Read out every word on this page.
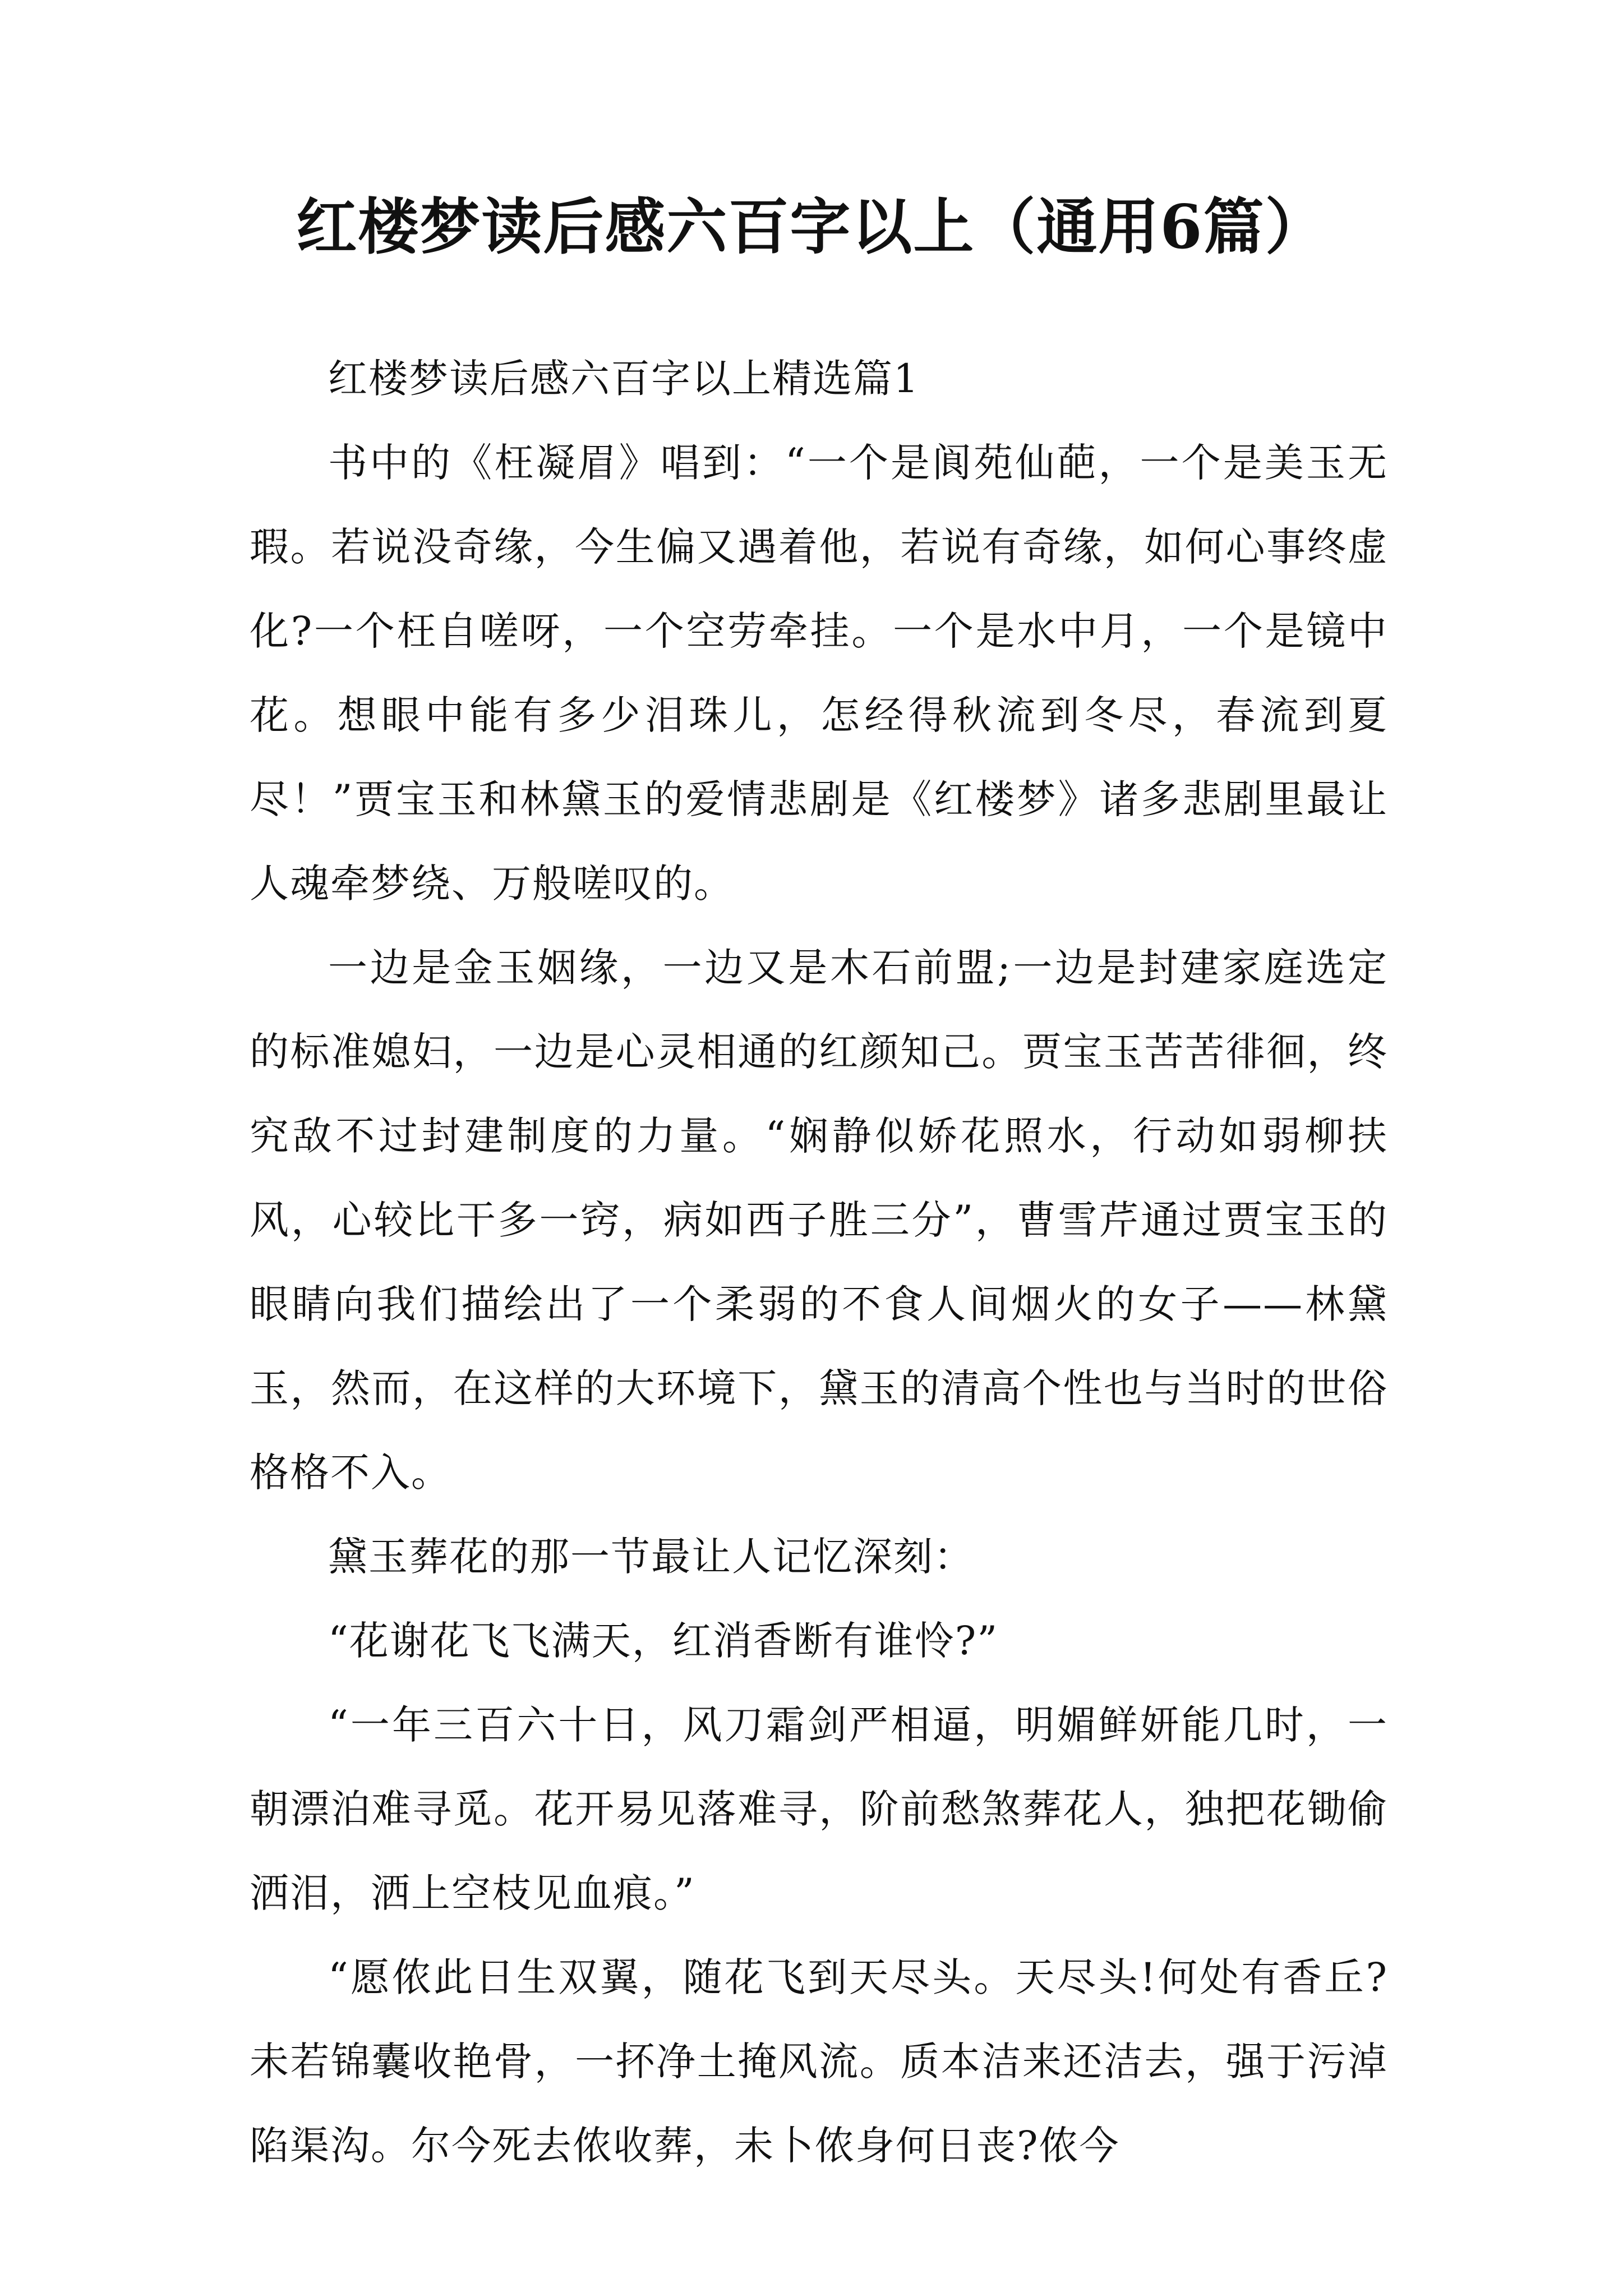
红楼梦读后感六百字以上（通用6篇）

红楼梦读后感六百字以上精选篇1

书中的《枉凝眉》唱到：“一个是阆苑仙葩，一个是美玉无瑕。若说没奇缘，今生偏又遇着他，若说有奇缘，如何心事终虚化?一个枉自嗟呀，一个空劳牵挂。一个是水中月，一个是镜中花。想眼中能有多少泪珠儿，怎经得秋流到冬尽，春流到夏尽！”贾宝玉和林黛玉的爱情悲剧是《红楼梦》诸多悲剧里最让人魂牵梦绕、万般嗟叹的。

一边是金玉姻缘，一边又是木石前盟;一边是封建家庭选定的标准媳妇，一边是心灵相通的红颜知己。贾宝玉苦苦徘徊，终究敌不过封建制度的力量。“娴静似娇花照水，行动如弱柳扶风，心较比干多一窍，病如西子胜三分”，曹雪芹通过贾宝玉的眼睛向我们描绘出了一个柔弱的不食人间烟火的女子——林黛玉，然而，在这样的大环境下，黛玉的清高个性也与当时的世俗格格不入。

黛玉葬花的那一节最让人记忆深刻：

“花谢花飞飞满天，红消香断有谁怜?”

“一年三百六十日，风刀霜剑严相逼，明媚鲜妍能几时，一朝漂泊难寻觅。花开易见落难寻，阶前愁煞葬花人，独把花锄偷洒泪，洒上空枝见血痕。”

“愿侬此日生双翼，随花飞到天尽头。天尽头!何处有香丘?未若锦囊收艳骨，一抔净土掩风流。质本洁来还洁去，强于污淖陷渠沟。尔今死去侬收葬，未卜侬身何日丧?侬今
